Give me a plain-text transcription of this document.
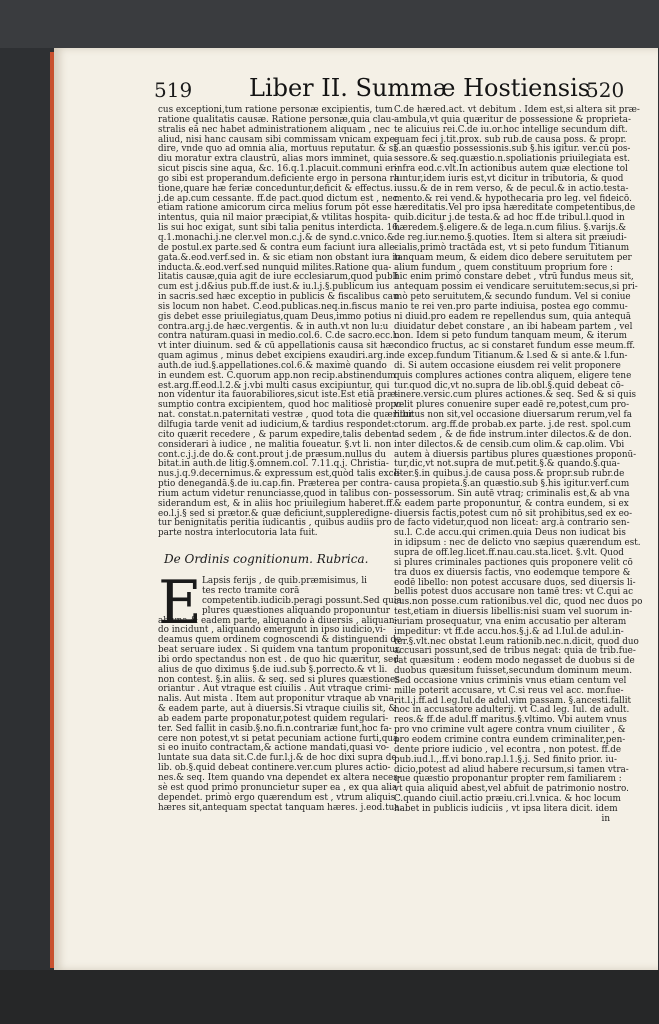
519 Liber II. Summæ Hostiensis
520
cus exceptioni,tum ratione personæ excipientis, tum
ratione qualitatis causæ. Ratione personæ,quia clau-
stralis eā nec habet administrationem aliquam , nec
aliud, nisi hanc causam sibi commissam vnicam expe-
dire, vnde quo ad omnia alia, mortuus reputatur. & si
diu moratur extra claustrū, alias mors imminet, quia
sicut piscis sine aqua, &c. 16.q.1.placuit.communi er-
go sibi est properandum.deficiente ergo in persona ra
tione,quare hæ feriæ conceduntur,deficit & effectus.
j.de ap.cum cessante. ff.de pact.quod dictum est , nec
etiam ratione amicorum circa melius forum pōt esse
intentus, quia nil maior præcipiat,& vtilitas hospita-
lis sui hoc exigat, sunt sibi talia penitus interdicta. 16.
q.1.monachi.j.ne cler.vel mon.c.j.& de synd.c.vnico.&
de postul.ex parte.sed & contra eum faciunt iura alle-
gata.&.eod.verf.sed in. & sic etiam non obstant iura in
inducta.&.eod.verf.sed nunquid milites.Ratione qua-
litatis causæ,quia agit de iure ecclesiarum,quod publi
cum est j.d&ius pub.ff.de iust.& iu.l.j.§.publicum ius
in sacris.sed hæc exceptio in publicis & fiscalibus cau
sis locum non habet. C.eod.publicas.neq.in.fiscus ma
gis debet esse priuilegiatus,quam Deus,immo potius
contra.arg.j.de hæc.vergentis. & in auth.vt non lu:u
contra naturam.quasi in medio.col.6. C.de sacro.ecc.l.
vt inter diuinum. sed & cū appellationis causa sit hæc
quam agimus , minus debet excipiens exaudiri.arg.in
auth.de iud.§.appellationes.col.6.& maximè quando
in eundem est. C.quorum app.non recip.abstinendum
est.arg.ff.eod.l.2.& j.vbi multi casus excipiuntur, qui
non videntur ita fauorabiliores,sicut iste.Est etiā præ-
sumptio contra excipientem, quod hoc malitiosè propo-
nat. constat.n.paternitati vestræ , quod tota die quæritur
dilfugia tarde venit ad iudicium,& tardius respondet:
cito quærit recedere , & parum expedire,talis debent
considerari à iudice , ne malitia foueatur. §.vt li. non
cont.c.j.j.de do.& cont.prout j.de præsum.nullus du
bitat.in auth.de litig.§.omnem.col. 7.11.q.j. Christia-
nus.j.q.9.decernimus.& expressum est,quòd talis excè-
ptio denegandā.§.de iu.cap.fin. Præterea per contra-
rium actum videtur renunciasse,quod in talibus con-
siderandum est, & in aliis hoc priuilegium haberet.ff.
eo.l.j.§ sed si prætor.& quæ deficiunt,suppleredigne-
tur benignitatis peritia iudicantis , quibus audiis pro
parte nostra interlocutoria lata fuit.
De Ordinis cognitionum. Rubrica.
E Lapsis ferijs , de quib.præmisimus, li
tes recto tramite corā
competentib.iudicib.peragi possunt.Sed quia
plures quæstiones aliquando proponuntur
ab vna & eadem parte, aliquando à diuersis , aliquan-
do incidunt , aliquando emergunt in ipso iudicio,vi-
deamus quem ordinem cognoscendi & distinguendi de-
beat seruare iudex . Si quidem vna tantum proponitur,
ibi ordo spectandus non est . de quo hic quæritur, sed
alius de quo diximus §.de iud.sub §.porrecto.& vt li.
non contest. §.in aliis. & seq. sed si plures quæstiones
oriantur . Aut vtraque est ciuilis . Aut vtraque crimi-
nalis. Aut mista . Item aut proponitur vtraque ab vna
& eadem parte, aut à diuersis.Si vtraque ciuilis sit, &
ab eadem parte proponatur,potest quidem regulari-
ter. Sed fallit in casib.§.no.fi.n.contrariæ funt,hoc fa-
cere non potest,vt si petat pecuniam actione furti,qua
si eo inuito contractam,& actione mandati,quasi vo-
luntate sua data sit.C.de fur.l.j.& de hoc dixi supra de
lib. ob.§.quid debeat continere.ver.cum plures actio-
nes.& seq. Item quando vna dependet ex altera neces-
sè est quod primò pronuncietur super ea , ex qua alia
dependet. primò ergo quærendum est , vtrum aliquis
hæres sit,antequam spectat tanquam hæres. j.eod.tua.
C.de hæred.act. vt debitum . Idem est,si altera sit præ-
ambula,vt quia quæritur de possessione & proprieta-
te alicuius rei.C.de iu.or.hoc intellige secundum dift.
quam feci j.tit.prox. sub rub.de causa poss. & propr.
§.an quæstio possessionis.sub §.his igitur. ver.cū pos-
sessore.& seq.quæstio.n.spoliationis priuilegiata est.
infra eod.c.vlt.In actionibus autem quæ electione tol
luntur,idem iuris est,vt dicitur in tributoria, & quod
iussu.& de in rem verso, & de pecul.& in actio.testa-
mento.& rei vend.& hypothecaria pro leg. vel fideicō.
hæreditatis.Vel pro ipsa hæreditate competentibus,de
quib.dicitur j.de testa.& ad hoc ff.de tribul.l.quod in
hæredem.§.eligere.& de lega.n.cum filius. §.varijs.&
de reg.iur.nemo.§.quoties. Item si altera sit præiudi-
cialis,primò tractāda est, vt si peto fundum Titianum
tanquam meum, & eidem dico debere seruitutem per
alium fundum , quem constituum proprium fore :
hic enim primò constare debet , vtrū fundus meus sit,
antequam possim ei vendicare seruitutem:secus,si pri-
mò peto seruitutem,& secundo fundum. Vel si coniue
nio te rei ven.pro parte indiuisa, postea ego commu-
ni diuid.pro eadem re repellendus sum, quia antequā
diuidatur debet constare , an ibi habeam partem , vel
non. Idem si peto fundum tanquam meum, & iterum
condico fructus, ac si constaret fundum esse meum.ff.
de excep.fundum Titianum.& l.sed & si ante.& l.fun-
di. Si autem occasione eiusdem rei velit proponere
quis complures actiones contra aliquem, eligere tene
tur.quod dic,vt no.supra de lib.obl.§.quid debeat cō-
tinere.versic.cum plures actiones.& seq. Sed & si quis
velit plures conuenire super eadē re,potest,cum pro-
hibitus non sit,vel occasione diuersarum rerum,vel fa
ctorum. arg.ff.de probab.ex parte. j.de rest. spol.cum
ad sedem , & de fide instrum.inter dilectos.& de don.
inter dilectos.& de censib.cum olim.& cap.olim. Vbi
autem à diuersis partibus plures quæstiones proponū-
tur,dic,vt not.supra de mut.petit.§.& quando.§.qua-
liter.§.in quibus.j.de causa poss.& propr.sub rubr.de
causa propieta.§.an quæstio.sub §.his igitur.verf.cum
possessorum. Sin autē vtraq; criminalis est,& ab vna
& eadem parte proponuntur, & contra eundem, si ex
diuersis factis,potest cum nō sit prohibitus,sed ex eo-
de facto videtur,quod non liceat: arg.à contrario sen-
su.l. C.de accu.qui crimen.quia Deus non iudicat bis
in idipsum : nec de delicto vno sæpius quærendum est.
supra de off.leg.licet.ff.nau.cau.sta.licet. §.vlt. Quod
si plures criminales pactiones quis proponere velit cō
tra duos ex diuersis factis, vno eodemque tempore &
eodē libello: non potest accusare duos, sed diuersis li-
bellis potest duos accusare non tamē tres: vt C.qui ac
cus.non posse.cum rationibus.vel dic, quod nec duos po
test,etiam in diuersis libellis:nisi suam vel suorum in-
iuriam prosequatur, vna enim accusatio per alteram
impeditur: vt ff.de accu.hos.§.j.& ad l.Iul.de adul.in-
ter.§.vlt.nec obstat l.eum rationib.nec.n.dicit, quod duo
accusari possunt,sed de tribus negat: quia de trib.fue-
rat quæsitum : eodem modo negasset de duobus si de
duobus quæsitum fuisset,secundum dominum meum.
Sed occasione vnius criminis vnus etiam centum vel
mille poterit accusare, vt C.si reus vel acc. mor.fue-
rit.l.j.ff.ad l.eg.Iul.de adul.vim passam. §.ancesti.fallit
hoc in accusatore adulterij. vt C.ad leg. Iul. de adult.
reos.& ff.de adul.ff maritus.§.vltimo. Vbi autem vnus
pro vno crimine vult agere contra vnum ciuiliter , &
pro eodem crimine contra eundem criminaliter,pen-
dente priore iudicio , vel econtra , non potest. ff.de
pub.iud.l.,.ff.vi bono.rap.l.1.§.j. Sed finito prior. iu-
dicio,potest ad aliud habere recursum,si tamen vtra-
que quæstio proponantur propter rem familiarem :
vt quia aliquid abest,vel abfuit de patrimonio nostro.
C.quando ciuil.actio præiu.cri.l.vnica. & hoc locum
habet in publicis iudiciis , vt ipsa litera dicit. idem
in
